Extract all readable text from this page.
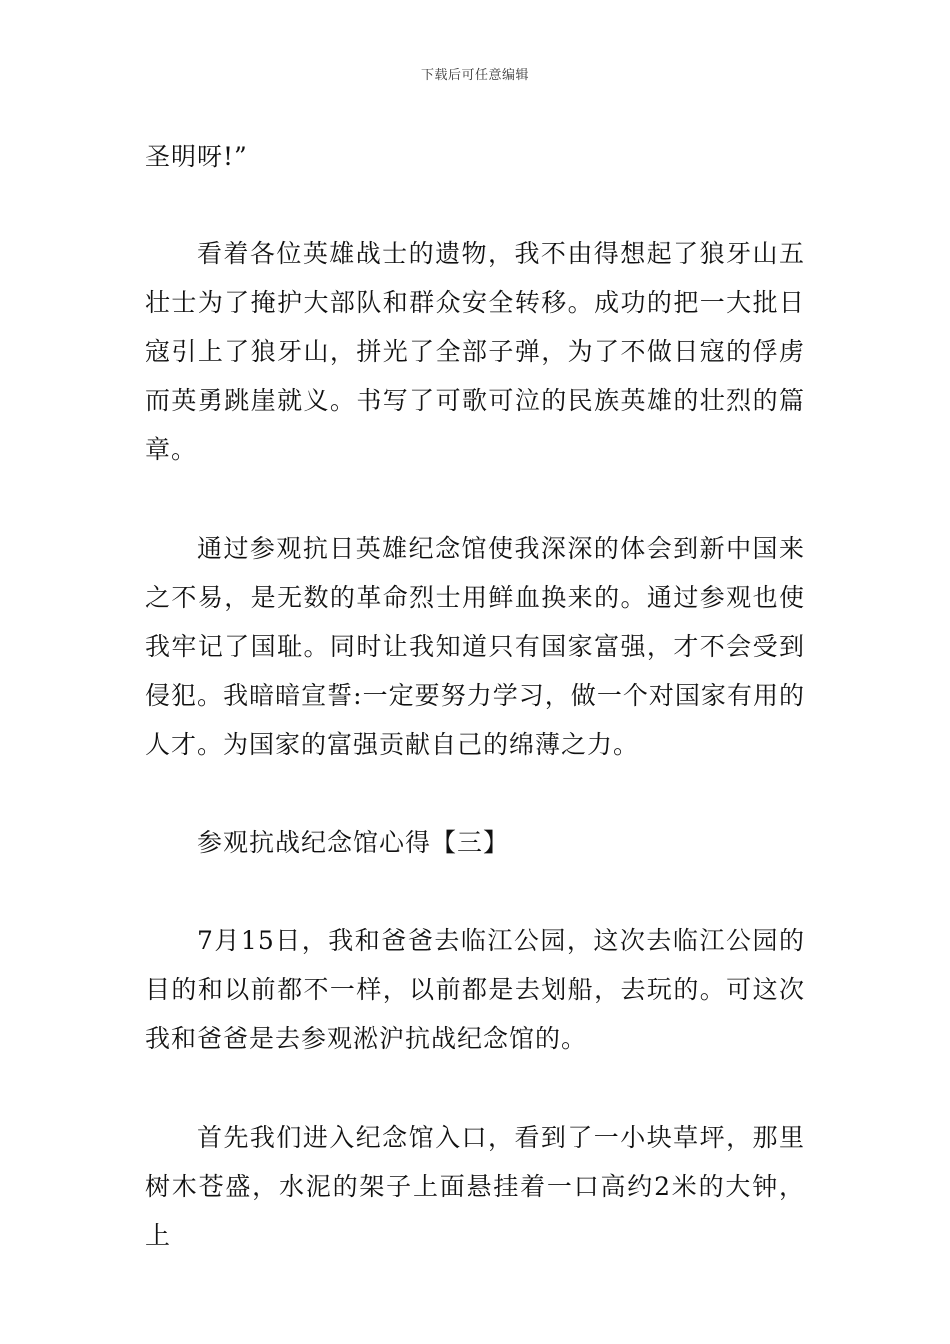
下载后可任意编辑

圣明呀!”

看着各位英雄战士的遗物，我不由得想起了狼牙山五壮士为了掩护大部队和群众安全转移。成功的把一大批日寇引上了狼牙山，拼光了全部子弹，为了不做日寇的俘虏而英勇跳崖就义。书写了可歌可泣的民族英雄的壮烈的篇章。

通过参观抗日英雄纪念馆使我深深的体会到新中国来之不易，是无数的革命烈士用鲜血换来的。通过参观也使我牢记了国耻。同时让我知道只有国家富强，才不会受到侵犯。我暗暗宣誓:一定要努力学习，做一个对国家有用的人才。为国家的富强贡献自己的绵薄之力。

参观抗战纪念馆心得【三】

7月15日，我和爸爸去临江公园，这次去临江公园的目的和以前都不一样，以前都是去划船，去玩的。可这次我和爸爸是去参观淞沪抗战纪念馆的。

首先我们进入纪念馆入口，看到了一小块草坪，那里树木苍盛，水泥的架子上面悬挂着一口高约2米的大钟，上
